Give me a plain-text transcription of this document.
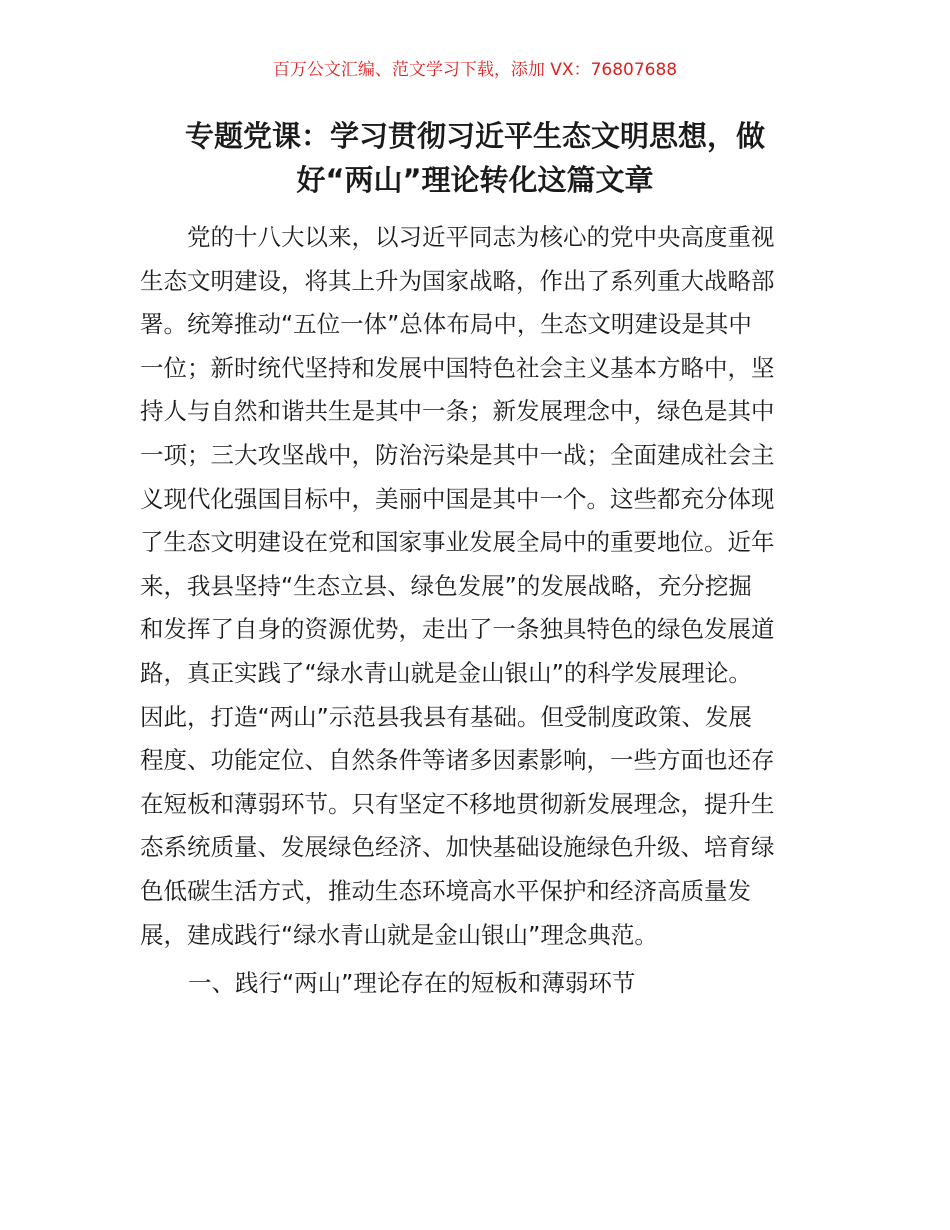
百万公文汇编、范文学习下载，添加 VX：76807688
专题党课：学习贯彻习近平生态文明思想，做
好“两山”理论转化这篇文章
　　党的十八大以来，以习近平同志为核心的党中央高度重视
生态文明建设，将其上升为国家战略，作出了系列重大战略部
署。统筹推动“五位一体”总体布局中，生态文明建设是其中
一位；新时统代坚持和发展中国特色社会主义基本方略中，坚
持人与自然和谐共生是其中一条；新发展理念中，绿色是其中
一项；三大攻坚战中，防治污染是其中一战；全面建成社会主
义现代化强国目标中，美丽中国是其中一个。这些都充分体现
了生态文明建设在党和国家事业发展全局中的重要地位。近年
来，我县坚持“生态立县、绿色发展”的发展战略，充分挖掘
和发挥了自身的资源优势，走出了一条独具特色的绿色发展道
路，真正实践了“绿水青山就是金山银山”的科学发展理论。
因此，打造“两山”示范县我县有基础。但受制度政策、发展
程度、功能定位、自然条件等诸多因素影响，一些方面也还存
在短板和薄弱环节。只有坚定不移地贯彻新发展理念，提升生
态系统质量、发展绿色经济、加快基础设施绿色升级、培育绿
色低碳生活方式，推动生态环境高水平保护和经济高质量发
展，建成践行“绿水青山就是金山银山”理念典范。
一、践行“两山”理论存在的短板和薄弱环节
